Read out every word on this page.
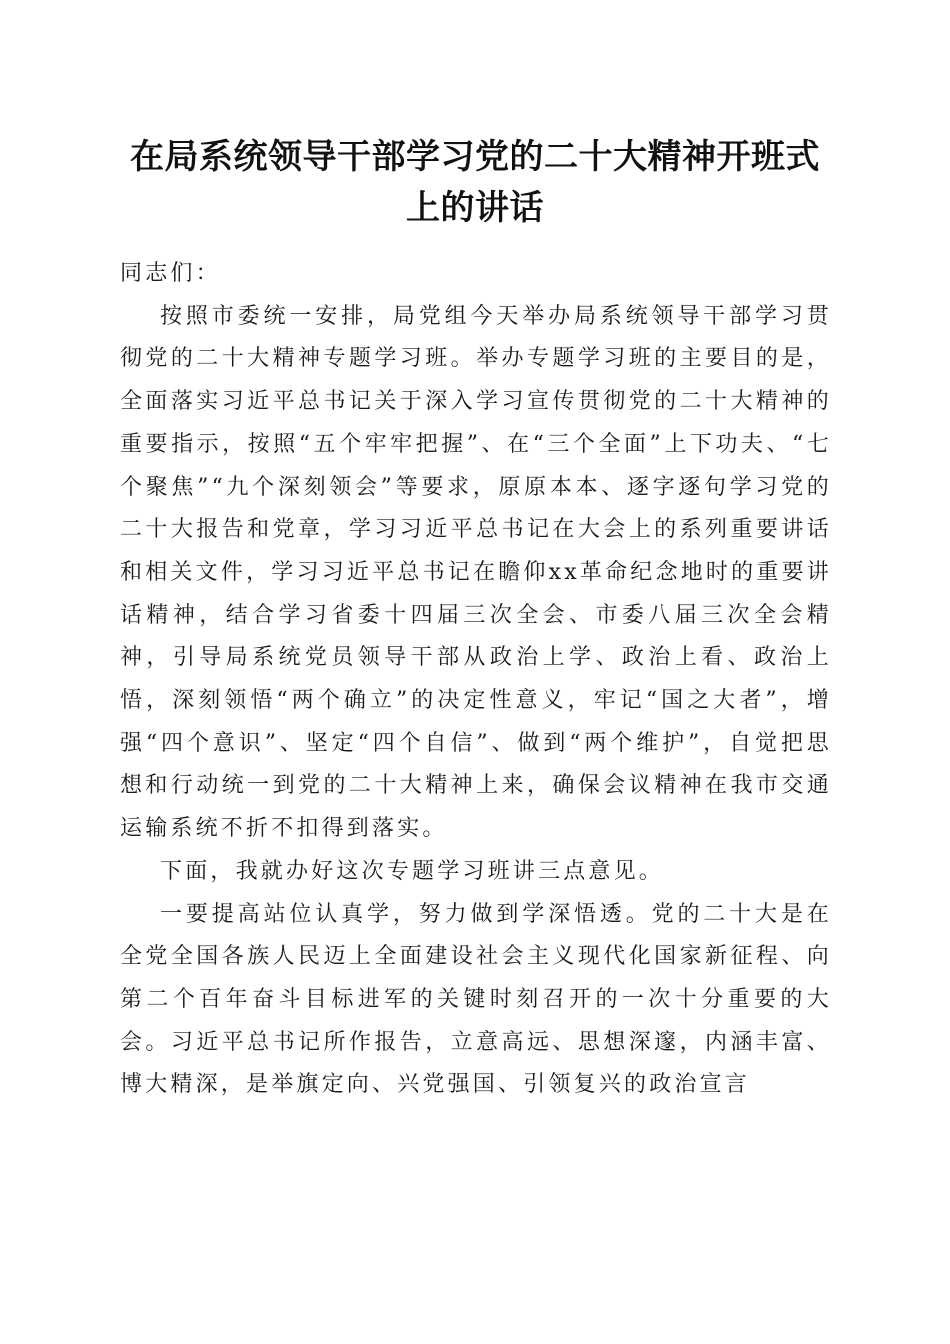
在局系统领导干部学习党的二十大精神开班式
上的讲话

同志们：

按照市委统一安排，局党组今天举办局系统领导干部学习贯彻党的二十大精神专题学习班。举办专题学习班的主要目的是，全面落实习近平总书记关于深入学习宣传贯彻党的二十大精神的重要指示，按照“五个牢牢把握”、在“三个全面”上下功夫、“七个聚焦”“九个深刻领会”等要求，原原本本、逐字逐句学习党的二十大报告和党章，学习习近平总书记在大会上的系列重要讲话和相关文件，学习习近平总书记在瞻仰xx革命纪念地时的重要讲话精神，结合学习省委十四届三次全会、市委八届三次全会精神，引导局系统党员领导干部从政治上学、政治上看、政治上悟，深刻领悟“两个确立”的决定性意义，牢记“国之大者”，增强“四个意识”、坚定“四个自信”、做到“两个维护”，自觉把思想和行动统一到党的二十大精神上来，确保会议精神在我市交通运输系统不折不扣得到落实。

下面，我就办好这次专题学习班讲三点意见。

一要提高站位认真学，努力做到学深悟透。党的二十大是在全党全国各族人民迈上全面建设社会主义现代化国家新征程、向第二个百年奋斗目标进军的关键时刻召开的一次十分重要的大会。习近平总书记所作报告，立意高远、思想深邃，内涵丰富、博大精深，是举旗定向、兴党强国、引领复兴的政治宣言
